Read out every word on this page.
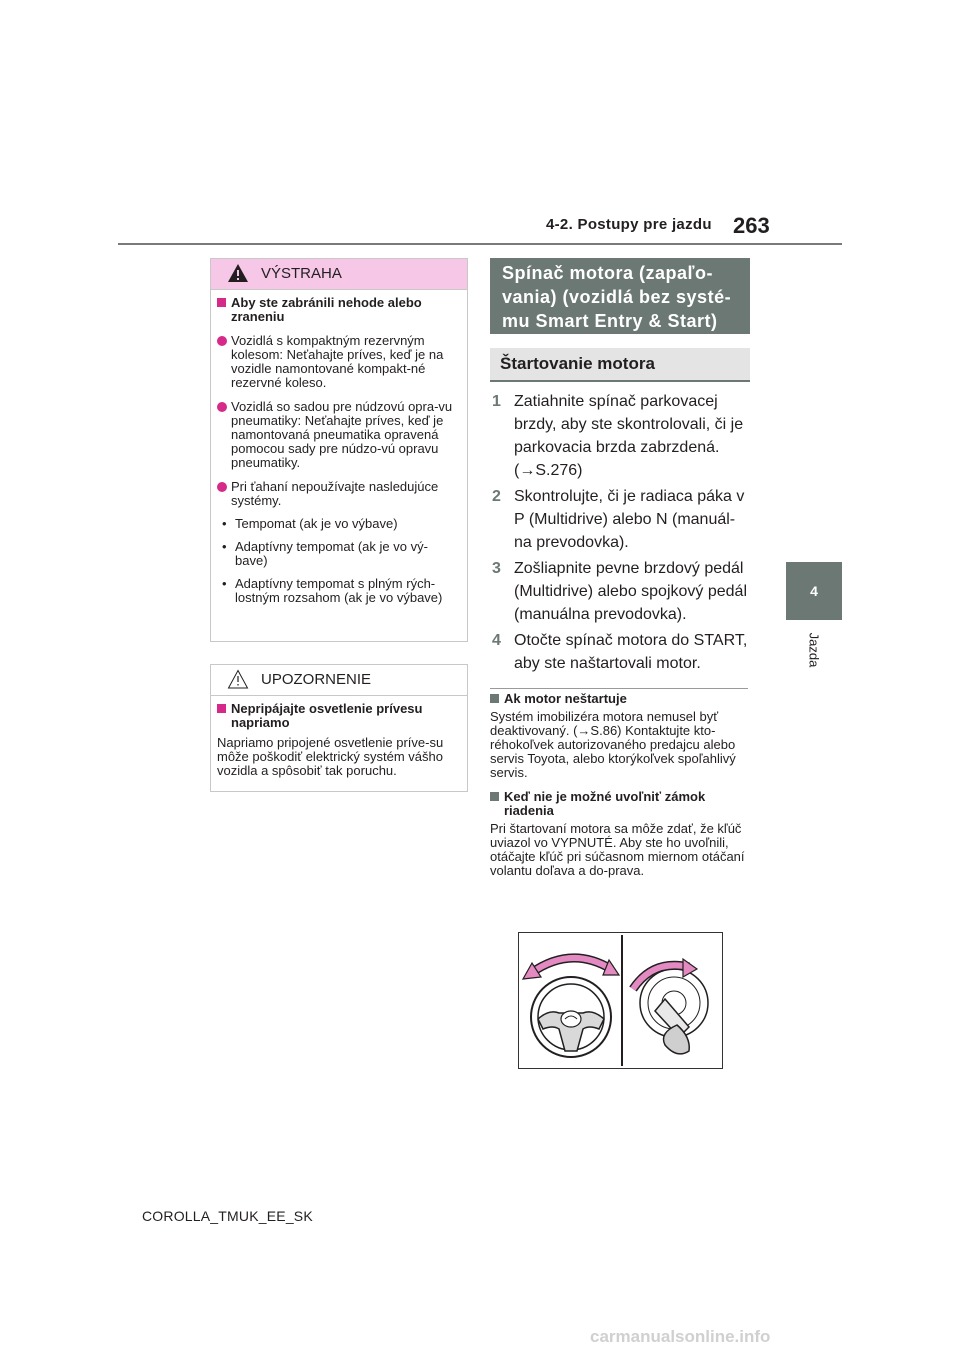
4-2. Postupy pre jazdu 263
4
Jazda
VÝSTRAHA
Aby ste zabránili nehode alebo zraneniu
Vozidlá s kompaktným rezervným kolesom: Neťahajte príves, keď je na vozidle namontované kompakt-né rezervné koleso.
Vozidlá so sadou pre núdzovú opra-vu pneumatiky: Neťahajte príves, keď je namontovaná pneumatika opravená pomocou sady pre núdzo-vú opravu pneumatiky.
Pri ťahaní nepoužívajte nasledujúce systémy.
• Tempomat (ak je vo výbave)
• Adaptívny tempomat (ak je vo vý-bave)
• Adaptívny tempomat s plným rých-lostným rozsahom (ak je vo výbave)
UPOZORNENIE
Nepripájajte osvetlenie prívesu napriamo
Napriamo pripojené osvetlenie príve-su môže poškodiť elektrický systém vášho vozidla a spôsobiť tak poruchu.
Spínač motora (zapaľo-vania) (vozidlá bez systé-mu Smart Entry & Start)
Štartovanie motora
1 Zatiahnite spínač parkovacej brzdy, aby ste skontrolovali, či je parkovacia brzda zabrzdená. (→S.276)
2 Skontrolujte, či je radiaca páka v P (Multidrive) alebo N (manuál-na prevodovka).
3 Zošliapnite pevne brzdový pedál (Multidrive) alebo spojkový pedál (manuálna prevodovka).
4 Otočte spínač motora do START, aby ste naštartovali motor.
Ak motor neštartuje
Systém imobilizéra motora nemusel byť deaktivovaný. (→S.86) Kontaktujte kto-réhokoľvek autorizovaného predajcu alebo servis Toyota, alebo ktorýkoľvek spoľahlivý servis.
Keď nie je možné uvoľniť zámok riadenia
Pri štartovaní motora sa môže zdať, že kľúč uviazol vo VYPNUTÉ. Aby ste ho uvoľnili, otáčajte kľúč pri súčasnom miernom otáčaní volantu doľava a do-prava.
COROLLA_TMUK_EE_SK
carmanualsonline.info
